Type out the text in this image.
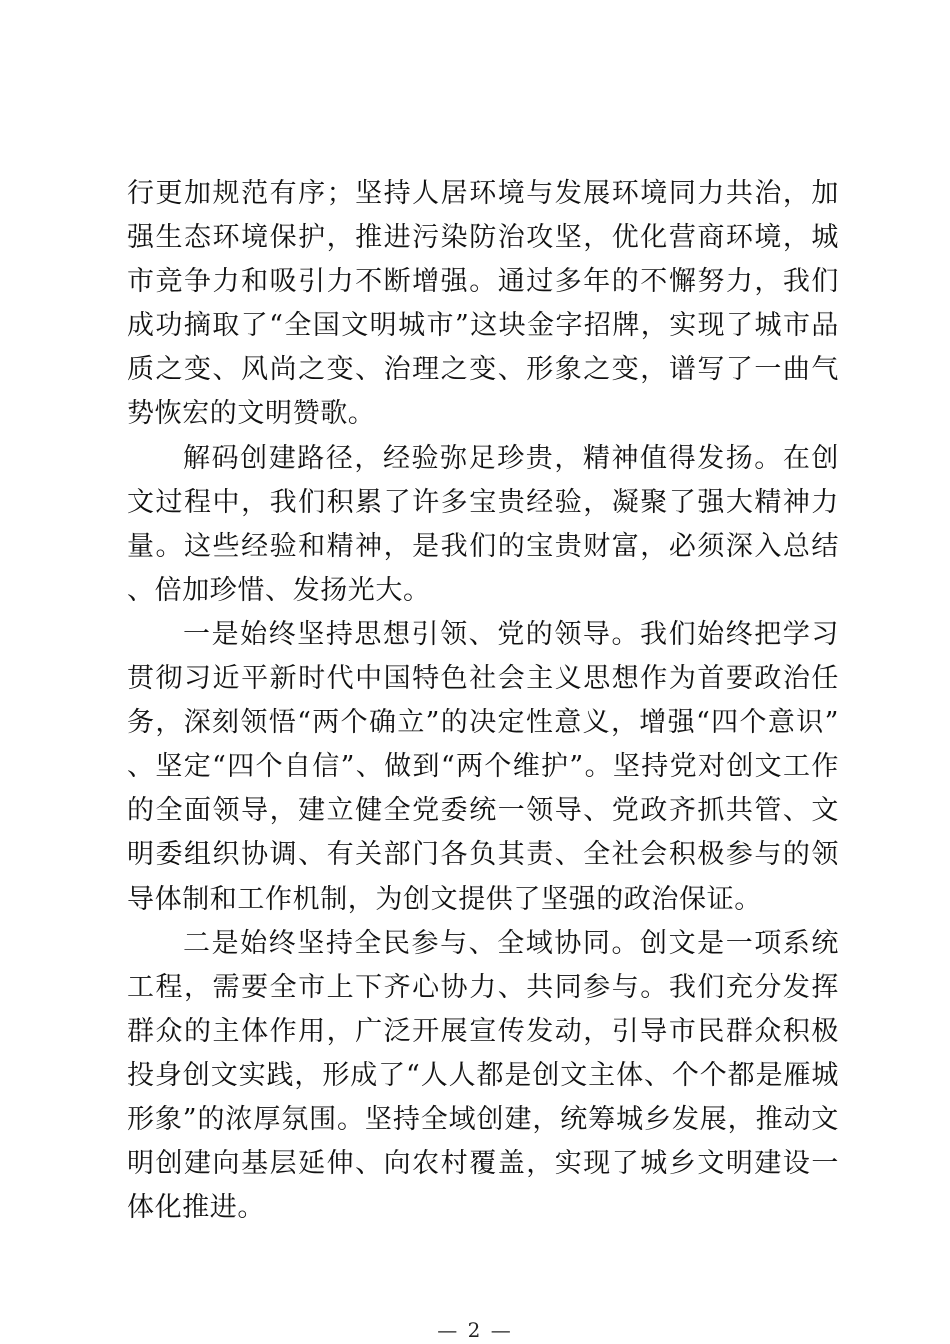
行更加规范有序；坚持人居环境与发展环境同力共治，加强生态环境保护，推进污染防治攻坚，优化营商环境，城市竞争力和吸引力不断增强。通过多年的不懈努力，我们成功摘取了“全国文明城市”这块金字招牌，实现了城市品质之变、风尚之变、治理之变、形象之变，谱写了一曲气势恢宏的文明赞歌。

解码创建路径，经验弥足珍贵，精神值得发扬。在创文过程中，我们积累了许多宝贵经验，凝聚了强大精神力量。这些经验和精神，是我们的宝贵财富，必须深入总结、倍加珍惜、发扬光大。

一是始终坚持思想引领、党的领导。我们始终把学习贯彻习近平新时代中国特色社会主义思想作为首要政治任务，深刻领悟“两个确立”的决定性意义，增强“四个意识”、坚定“四个自信”、做到“两个维护”。坚持党对创文工作的全面领导，建立健全党委统一领导、党政齐抓共管、文明委组织协调、有关部门各负其责、全社会积极参与的领导体制和工作机制，为创文提供了坚强的政治保证。

二是始终坚持全民参与、全域协同。创文是一项系统工程，需要全市上下齐心协力、共同参与。我们充分发挥群众的主体作用，广泛开展宣传发动，引导市民群众积极投身创文实践，形成了“人人都是创文主体、个个都是雁城形象”的浓厚氛围。坚持全域创建，统筹城乡发展，推动文明创建向基层延伸、向农村覆盖，实现了城乡文明建设一体化推进。

— 2 —
